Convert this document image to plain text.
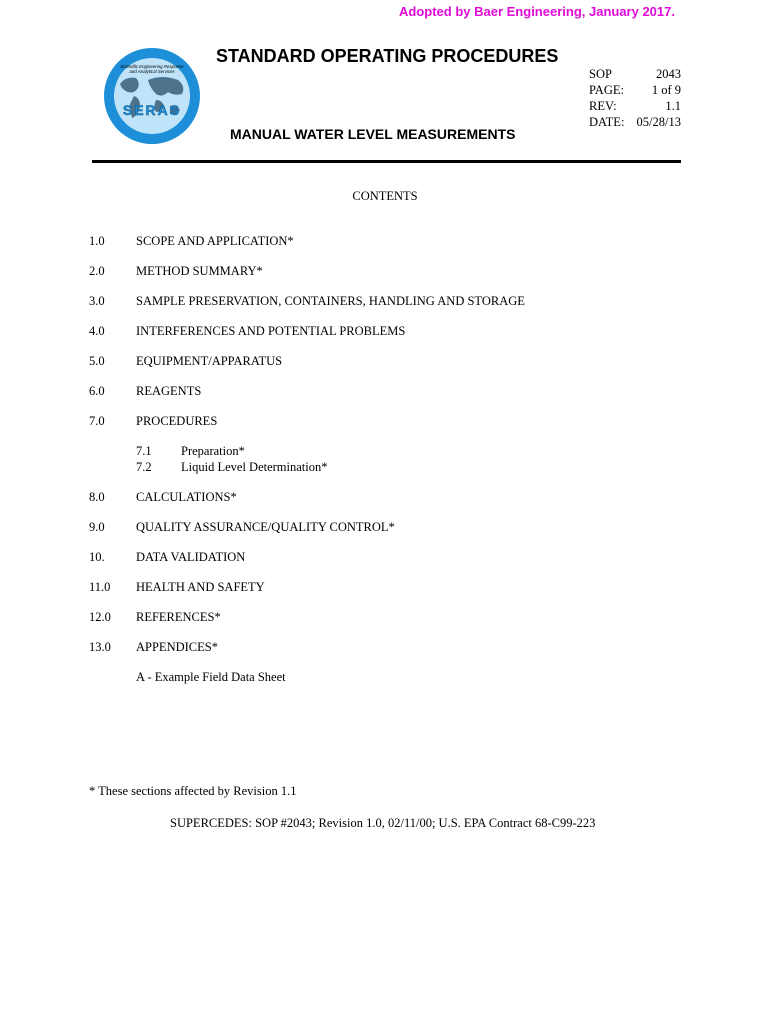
Adopted by Baer Engineering, January 2017.
Scientific Engineering Response
and Analytical Services
SERAS
STANDARD OPERATING PROCEDURES
SOP	2043
PAGE: 1 of 9
REV:	1.1
DATE: 05/28/13
MANUAL WATER LEVEL MEASUREMENTS
CONTENTS
1.0	SCOPE AND APPLICATION*
2.0	METHOD SUMMARY*
3.0	SAMPLE PRESERVATION, CONTAINERS, HANDLING AND STORAGE
4.0	INTERFERENCES AND POTENTIAL PROBLEMS
5.0	EQUIPMENT/APPARATUS
6.0	REAGENTS
7.0	PROCEDURES
7.1 Preparation*
7.2 Liquid Level Determination*
8.0	CALCULATIONS*
9.0	QUALITY ASSURANCE/QUALITY CONTROL*
10.	DATA VALIDATION
11.0 HEALTH AND SAFETY
12.0 REFERENCES*
13.0 APPENDICES*
A - Example Field Data Sheet
* These sections affected by Revision 1.1
SUPERCEDES: SOP #2043; Revision 1.0, 02/11/00; U.S. EPA Contract 68-C99-223
